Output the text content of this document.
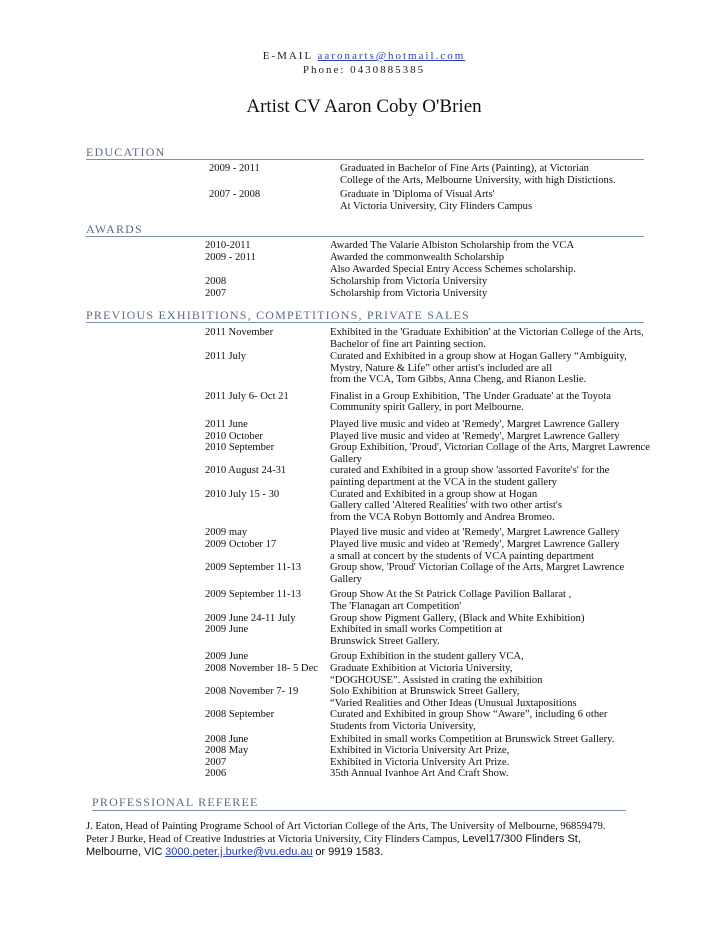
E-MAIL aaronarts@hotmail.com
Phone: 0430885385
Artist CV Aaron Coby O'Brien
EDUCATION
2009 - 2011	Graduated in Bachelor of Fine Arts (Painting), at Victorian
College of the Arts, Melbourne University, with high Distictions.
2007 - 2008	Graduate in 'Diploma of Visual Arts'
At Victoria University, City Flinders Campus
AWARDS
2010-2011	Awarded The Valarie Albiston Scholarship from the VCA
2009 - 2011	Awarded the commonwealth Scholarship
Also Awarded Special Entry Access Schemes scholarship.
2008	Scholarship from Victoria University
2007	Scholarship from Victoria University
PREVIOUS EXHIBITIONS, COMPETITIONS, PRIVATE SALES
2011 November	Exhibited in the 'Graduate Exhibition' at the Victorian College of the Arts,
Bachelor of fine art Painting section.
2011 July	Curated and Exhibited in a group show at Hogan Gallery “Ambiguity,
Mystry, Nature & Life” other artist's included are all
from the VCA, Tom Gibbs, Anna Cheng, and Rianon Leslie.
2011 July 6- Oct 21	Finalist in a Group Exhibition, 'The Under Graduate' at the Toyota
Community spirit Gallery, in port Melbourne.
2011 June	Played live music and video at 'Remedy', Margret Lawrence Gallery
2010 October	Played live music and video at 'Remedy', Margret Lawrence Gallery
2010 September	Group Exhibition, 'Proud', Victorian Collage of the Arts, Margret Lawrence
Gallery
2010 August 24-31	curated and Exhibited in a group show 'assorted Favorite's' for the
painting department at the VCA in the student gallery
2010 July 15 - 30	Curated and Exhibited in a group show at Hogan
Gallery called 'Altered Realities' with two other artist's
from the VCA Robyn Bottomly and Andrea Bromeo.
2009 may	Played live music and video at 'Remedy', Margret Lawrence Gallery
2009 October 17	Played live music and video at 'Remedy', Margret Lawrence Gallery
a small at concert by the students of VCA painting department
2009 September 11-13	Group show, 'Proud' Victorian Collage of the Arts, Margret Lawrence
Gallery
2009 September 11-13	Group Show At the St Patrick Collage Pavilion Ballarat ,
The 'Flanagan art Competition'
2009 June 24-11 July	Group show Pigment Gallery, (Black and White Exhibition)
2009 June	Exhibited in small works Competition at
Brunswick Street Gallery.
2009 June	Group Exhibition in the student gallery VCA,
2008 November 18- 5 Dec Graduate Exhibition at Victoria University,
“DOGHOUSE”. Assisted in crating the exhibition
2008 November 7- 19	Solo Exhibition at Brunswick Street Gallery,
“Varied Realities and Other Ideas (Unusual Juxtapositions
2008 September	Curated and Exhibited in group Show “Aware”, including 6 other
Students from Victoria University,
2008 June	Exhibited in small works Competition at Brunswick Street Gallery.
2008 May	Exhibited in Victoria University Art Prize,
2007	Exhibited in Victoria University Art Prize.
2006	35th Annual Ivanhoe Art And Craft Show.
PROFESSIONAL REFEREE
J. Eaton, Head of Painting Programe School of Art Victorian College of the Arts, The University of Melbourne, 96859479.
Peter J Burke, Head of Creative Industries at Victoria University, City Flinders Campus, Level17/300 Flinders St,
Melbourne, VIC 3000.peter.j.burke@vu.edu.au or 9919 1583.
